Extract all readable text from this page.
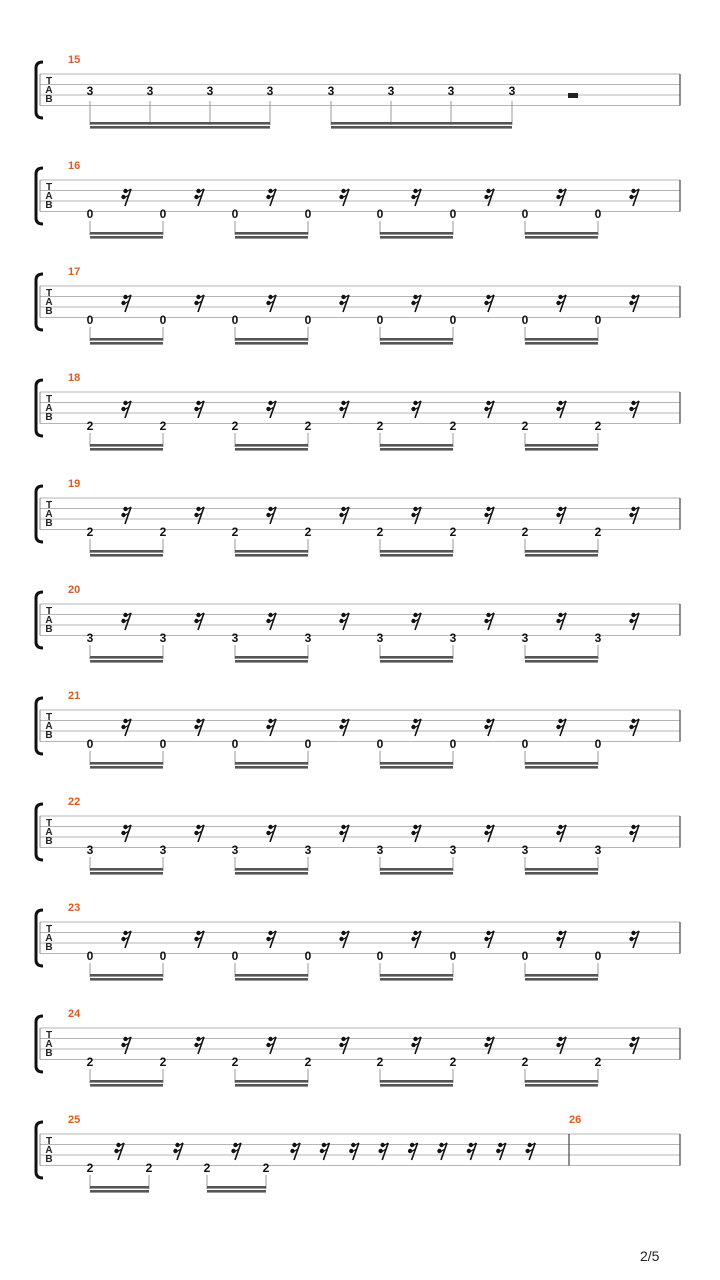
T
A
B
15
3	3	3	3	3	3	3	3
T
A
B
16
0	0	0	0	0	0	0	0
T
A
B
17
0	0	0	0	0	0	0	0
T
A
B
18
2	2	2	2	2	2	2	2
T
A
B
19
2	2	2	2	2	2	2	2
T
A
B
20
3	3	3	3	3	3	3	3
T
A
B
21
0	0	0	0	0	0	0	0
T
A
B
22
3	3	3	3	3	3	3	3
T
A
B
23
0	0	0	0	0	0	0	0
T
A
B
24
2	2	2	2	2	2	2	2
T
A
B
25
2	2	2	2
26
2/5
